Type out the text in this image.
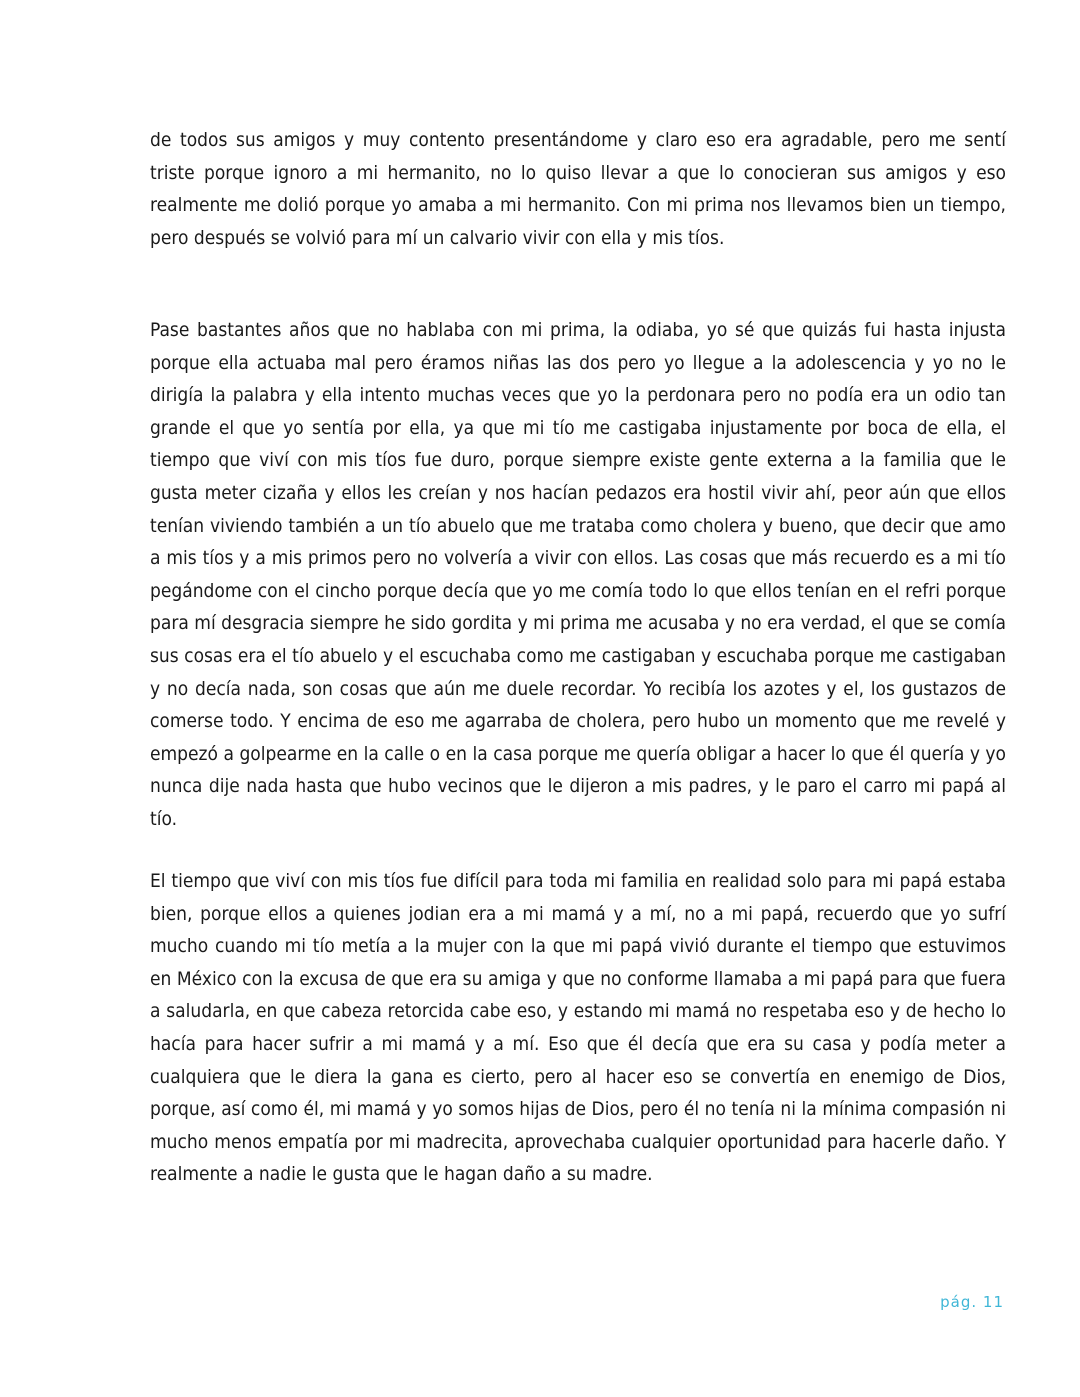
de todos sus amigos y muy contento presentándome y claro eso era agradable, pero me sentí triste porque ignoro a mi hermanito, no lo quiso llevar a que lo conocieran sus amigos y eso realmente me dolió porque yo amaba a mi hermanito. Con mi prima nos llevamos bien un tiempo, pero después se volvió para mí un calvario vivir con ella y mis tíos.

Pase bastantes años que no hablaba con mi prima, la odiaba, yo sé que quizás fui hasta injusta porque ella actuaba mal pero éramos niñas las dos pero yo llegue a la adolescencia y yo no le dirigía la palabra y ella intento muchas veces que yo la perdonara pero no podía era un odio tan grande el que yo sentía por ella, ya que mi tío me castigaba injustamente por boca de ella, el tiempo que viví con mis tíos fue duro, porque siempre existe gente externa a la familia que le gusta meter cizaña y ellos les creían y nos hacían pedazos era hostil vivir ahí, peor aún que ellos tenían viviendo también a un tío abuelo que me trataba como cholera y bueno, que decir que amo a mis tíos y a mis primos pero no volvería a vivir con ellos. Las cosas que más recuerdo es a mi tío pegándome con el cincho porque decía que yo me comía todo lo que ellos tenían en el refri porque para mí desgracia siempre he sido gordita y mi prima me acusaba y no era verdad, el que se comía sus cosas era el tío abuelo y el escuchaba como me castigaban y escuchaba porque me castigaban y no decía nada, son cosas que aún me duele recordar. Yo recibía los azotes y el, los gustazos de comerse todo. Y encima de eso me agarraba de cholera, pero hubo un momento que me revelé y empezó a golpearme en la calle o en la casa porque me quería obligar a hacer lo que él quería y yo nunca dije nada hasta que hubo vecinos que le dijeron a mis padres, y le paro el carro mi papá al tío.

El tiempo que viví con mis tíos fue difícil para toda mi familia en realidad solo para mi papá estaba bien, porque ellos a quienes jodian era a mi mamá y a mí, no a mi papá, recuerdo que yo sufrí mucho cuando mi tío metía a la mujer con la que mi papá vivió durante el tiempo que estuvimos en México con la excusa de que era su amiga y que no conforme llamaba a mi papá para que fuera a saludarla, en que cabeza retorcida cabe eso, y estando mi mamá no respetaba eso y de hecho lo hacía para hacer sufrir a mi mamá y a mí. Eso que él decía que era su casa y podía meter a cualquiera que le diera la gana es cierto, pero al hacer eso se convertía en enemigo de Dios, porque, así como él, mi mamá y yo somos hijas de Dios, pero él no tenía ni la mínima compasión ni mucho menos empatía por mi madrecita, aprovechaba cualquier oportunidad para hacerle daño. Y realmente a nadie le gusta que le hagan daño a su madre.

pág. 11
